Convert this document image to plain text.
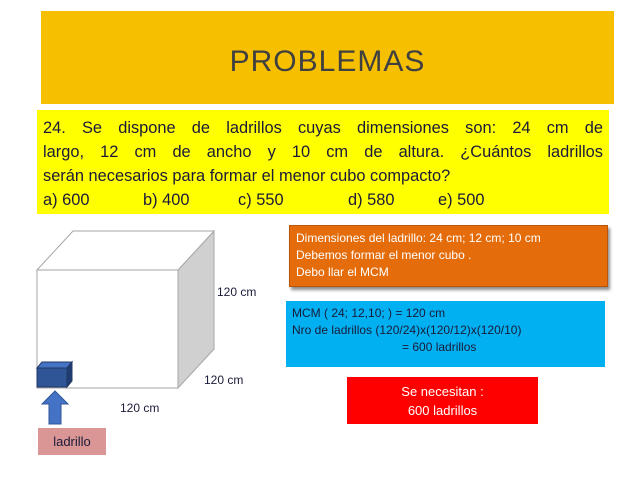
PROBLEMAS
24. Se dispone de ladrillos cuyas dimensiones son: 24 cm de
largo, 12 cm de ancho y 10 cm de altura. ¿Cuántos ladrillos
serán necesarios para formar el menor cubo compacto?
a) 600	b) 400	c) 550	d) 580	e) 500
120 cm
120 cm
120 cm
ladrillo
Dimensiones del ladrillo: 24 cm; 12 cm; 10 cm
Debemos formar el menor cubo .
Debo llar el MCM
MCM ( 24; 12,10; ) = 120 cm
Nro de ladrillos (120/24)x(120/12)x(120/10)
= 600 ladrillos
Se necesitan :
600 ladrillos
